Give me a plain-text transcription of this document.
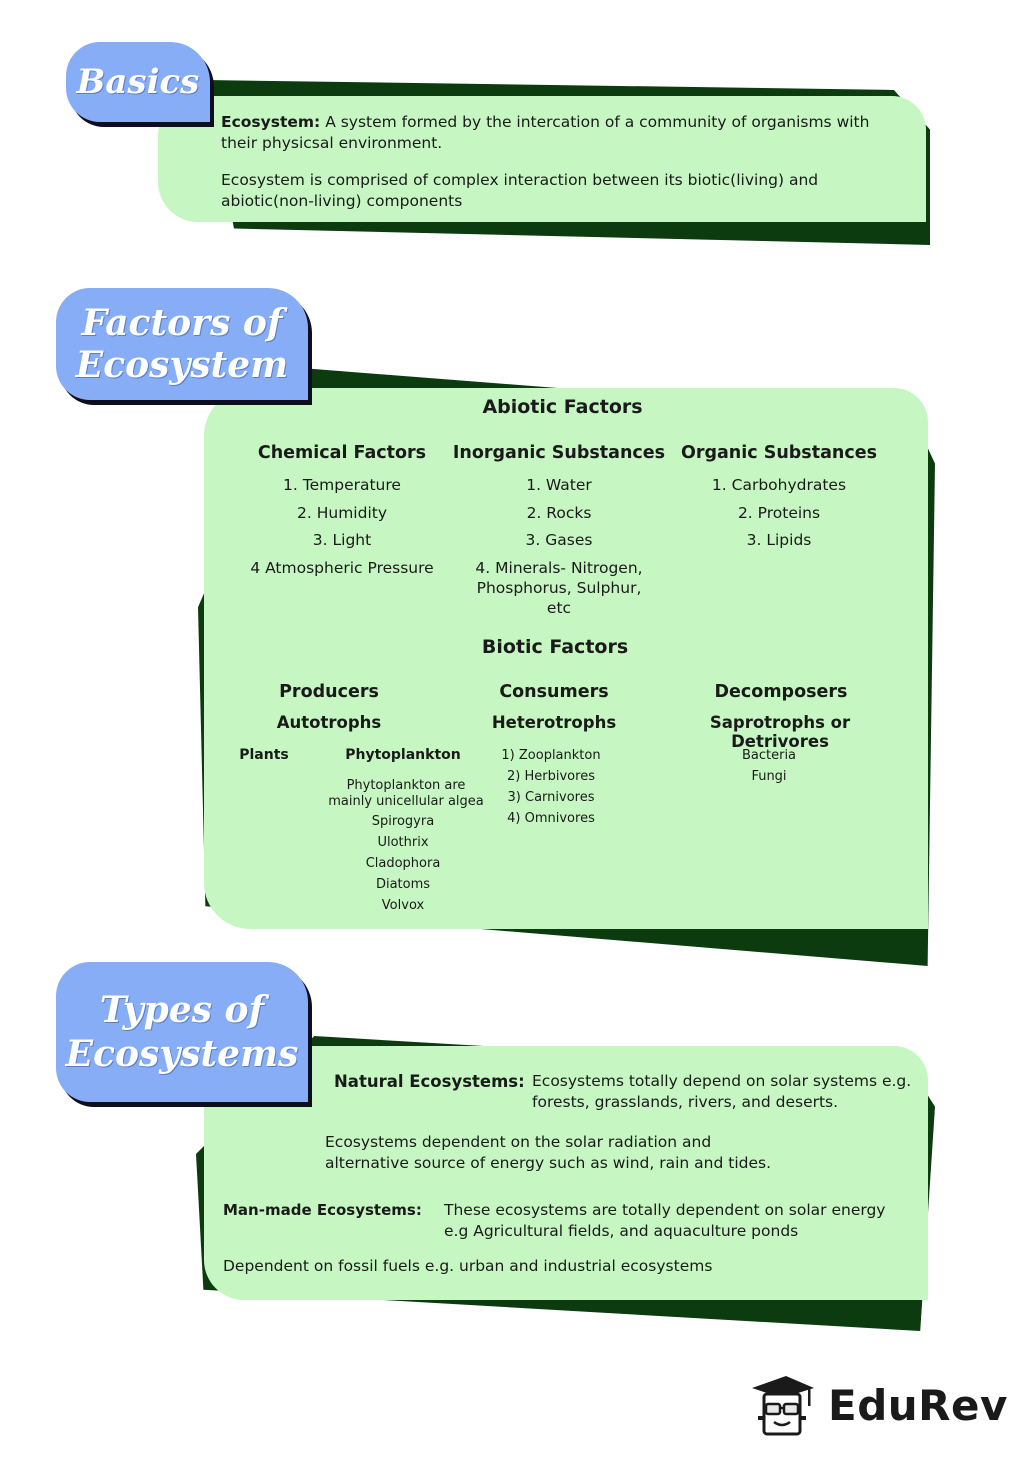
Basics
Ecosystem: A system formed by the intercation of a community of organisms with their physicsal environment.
Ecosystem is comprised of complex interaction between its biotic(living) and abiotic(non-living) components
Factors of
Ecosystem
Abiotic Factors
Chemical Factors
1. Temperature
2. Humidity
3. Light
4 Atmospheric Pressure
Inorganic Substances
1. Water
2. Rocks
3. Gases
4. Minerals- Nitrogen, Phosphorus, Sulphur, etc
Organic Substances
1. Carbohydrates
2. Proteins
3. Lipids
Biotic Factors
Producers
Autotrophs
Plants	Phytoplankton
Phytoplankton are mainly unicellular algea
Spirogyra
Ulothrix
Cladophora
Diatoms
Volvox
Consumers
Heterotrophs
1) Zooplankton
2) Herbivores
3) Carnivores
4) Omnivores
Decomposers
Saprotrophs or Detrivores
Bacteria
Fungi
Types of
Ecosystems
Natural Ecosystems: Ecosystems totally depend on solar systems e.g. forests, grasslands, rivers, and deserts.
Ecosystems dependent on the solar radiation and alternative source of energy such as wind, rain and tides.
Man-made Ecosystems: These ecosystems are totally dependent on solar energy e.g Agricultural fields, and aquaculture ponds
Dependent on fossil fuels e.g. urban and industrial ecosystems
EduRev
